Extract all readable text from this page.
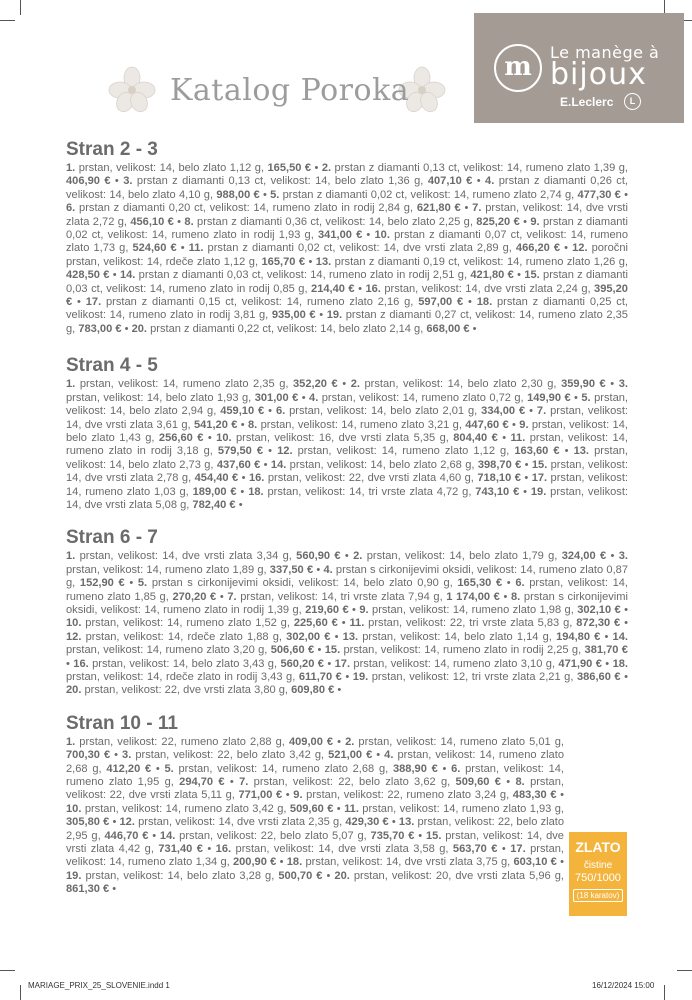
m	Le manège à
bijoux
E.Leclerc	L
Katalog Poroka
Stran 2 - 3

1. prstan, velikost: 14, belo zlato 1,12 g, 165,50 € • 2. prstan z diamanti 0,13 ct, velikost: 14, rumeno zlato 1,39 g, 406,90 € • 3. prstan z diamanti 0,13 ct, velikost: 14, belo zlato 1,36 g, 407,10 € • 4. prstan z diamanti 0,26 ct, velikost: 14, belo zlato 4,10 g, 988,00 € • 5. prstan z diamanti 0,02 ct, velikost: 14, rumeno zlato 2,74 g, 477,30 € • 6. prstan z diamanti 0,20 ct, velikost: 14, rumeno zlato in rodij 2,84 g, 621,80 € • 7. prstan, velikost: 14, dve vrsti zlata 2,72 g, 456,10 € • 8. prstan z diamanti 0,36 ct, velikost: 14, belo zlato 2,25 g, 825,20 € • 9. prstan z diamanti 0,02 ct, velikost: 14, rumeno zlato in rodij 1,93 g, 341,00 € • 10. prstan z diamanti 0,07 ct, velikost: 14, rumeno zlato 1,73 g, 524,60 € • 11. prstan z diamanti 0,02 ct, velikost: 14, dve vrsti zlata 2,89 g, 466,20 € • 12. poročni prstan, velikost: 14, rdeče zlato 1,12 g, 165,70 € • 13. prstan z diamanti 0,19 ct, velikost: 14, rumeno zlato 1,26 g, 428,50 € • 14. prstan z diamanti 0,03 ct, velikost: 14, rumeno zlato in rodij 2,51 g, 421,80 € • 15. prstan z diamanti 0,03 ct, velikost: 14, rumeno zlato in rodij 0,85 g, 214,40 € • 16. prstan, velikost: 14, dve vrsti zlata 2,24 g, 395,20 € • 17. prstan z diamanti 0,15 ct, velikost: 14, rumeno zlato 2,16 g, 597,00 € • 18. prstan z diamanti 0,25 ct, velikost: 14, rumeno zlato in rodij 3,81 g, 935,00 € • 19. prstan z diamanti 0,27 ct, velikost: 14, rumeno zlato 2,35 g, 783,00 € • 20. prstan z diamanti 0,22 ct, velikost: 14, belo zlato 2,14 g, 668,00 € •

Stran 4 - 5

1. prstan, velikost: 14, rumeno zlato 2,35 g, 352,20 € • 2. prstan, velikost: 14, belo zlato 2,30 g, 359,90 € • 3. prstan, velikost: 14, belo zlato 1,93 g, 301,00 € • 4. prstan, velikost: 14, rumeno zlato 0,72 g, 149,90 € • 5. prstan, velikost: 14, belo zlato 2,94 g, 459,10 € • 6. prstan, velikost: 14, belo zlato 2,01 g, 334,00 € • 7. prstan, velikost: 14, dve vrsti zlata 3,61 g, 541,20 € • 8. prstan, velikost: 14, rumeno zlato 3,21 g, 447,60 € • 9. prstan, velikost: 14, belo zlato 1,43 g, 256,60 € • 10. prstan, velikost: 16, dve vrsti zlata 5,35 g, 804,40 € • 11. prstan, velikost: 14, rumeno zlato in rodij 3,18 g, 579,50 € • 12. prstan, velikost: 14, rumeno zlato 1,12 g, 163,60 € • 13. prstan, velikost: 14, belo zlato 2,73 g, 437,60 € • 14. prstan, velikost: 14, belo zlato 2,68 g, 398,70 € • 15. prstan, velikost: 14, dve vrsti zlata 2,78 g, 454,40 € • 16. prstan, velikost: 22, dve vrsti zlata 4,60 g, 718,10 € • 17. prstan, velikost: 14, rumeno zlato 1,03 g, 189,00 € • 18. prstan, velikost: 14, tri vrste zlata 4,72 g, 743,10 € • 19. prstan, velikost: 14, dve vrsti zlata 5,08 g, 782,40 € •

Stran 6 - 7

1. prstan, velikost: 14, dve vrsti zlata 3,34 g, 560,90 € • 2. prstan, velikost: 14, belo zlato 1,79 g, 324,00 € • 3. prstan, velikost: 14, rumeno zlato 1,89 g, 337,50 € • 4. prstan s cirkonijevimi oksidi, velikost: 14, rumeno zlato 0,87 g, 152,90 € • 5. prstan s cirkonijevimi oksidi, velikost: 14, belo zlato 0,90 g, 165,30 € • 6. prstan, velikost: 14, rumeno zlato 1,85 g, 270,20 € • 7. prstan, velikost: 14, tri vrste zlata 7,94 g, 1 174,00 € • 8. prstan s cirkonijevimi oksidi, velikost: 14, rumeno zlato in rodij 1,39 g, 219,60 € • 9. prstan, velikost: 14, rumeno zlato 1,98 g, 302,10 € • 10. prstan, velikost: 14, rumeno zlato 1,52 g, 225,60 € • 11. prstan, velikost: 22, tri vrste zlata 5,83 g, 872,30 € • 12. prstan, velikost: 14, rdeče zlato 1,88 g, 302,00 € • 13. prstan, velikost: 14, belo zlato 1,14 g, 194,80 € • 14. prstan, velikost: 14, rumeno zlato 3,20 g, 506,60 € • 15. prstan, velikost: 14, rumeno zlato in rodij 2,25 g, 381,70 € • 16. prstan, velikost: 14, belo zlato 3,43 g, 560,20 € • 17. prstan, velikost: 14, rumeno zlato 3,10 g, 471,90 € • 18. prstan, velikost: 14, rdeče zlato in rodij 3,43 g, 611,70 € • 19. prstan, velikost: 12, tri vrste zlata 2,21 g, 386,60 € • 20. prstan, velikost: 22, dve vrsti zlata 3,80 g, 609,80 € •

Stran 10 - 11

1. prstan, velikost: 22, rumeno zlato 2,88 g, 409,00 € • 2. prstan, velikost: 14, rumeno zlato 5,01 g, 700,30 € • 3. prstan, velikost: 22, belo zlato 3,42 g, 521,00 € • 4. prstan, velikost: 14, rumeno zlato 2,68 g, 412,20 € • 5. prstan, velikost: 14, rumeno zlato 2,68 g, 388,90 € • 6. prstan, velikost: 14, rumeno zlato 1,95 g, 294,70 € • 7. prstan, velikost: 22, belo zlato 3,62 g, 509,60 € • 8. prstan, velikost: 22, dve vrsti zlata 5,11 g, 771,00 € • 9. prstan, velikost: 22, rumeno zlato 3,24 g, 483,30 € • 10. prstan, velikost: 14, rumeno zlato 3,42 g, 509,60 € • 11. prstan, velikost: 14, rumeno zlato 1,93 g, 305,80 € • 12. prstan, velikost: 14, dve vrsti zlata 2,35 g, 429,30 € • 13. prstan, velikost: 22, belo zlato 2,95 g, 446,70 € • 14. prstan, velikost: 22, belo zlato 5,07 g, 735,70 € • 15. prstan, velikost: 14, dve vrsti zlata 4,42 g, 731,40 € • 16. prstan, velikost: 14, dve vrsti zlata 3,58 g, 563,70 € • 17. prstan, velikost: 14, rumeno zlato 1,34 g, 200,90 € • 18. prstan, velikost: 14, dve vrsti zlata 3,75 g, 603,10 € • 19. prstan, velikost: 14, belo zlato 3,28 g, 500,70 € • 20. prstan, velikost: 20, dve vrsti zlata 5,96 g, 861,30 € •

ZLATO
čistine
750/1000
(18 karatov)
MARIAGE_PRIX_25_SLOVENIE.indd 1	16/12/2024 15:00
